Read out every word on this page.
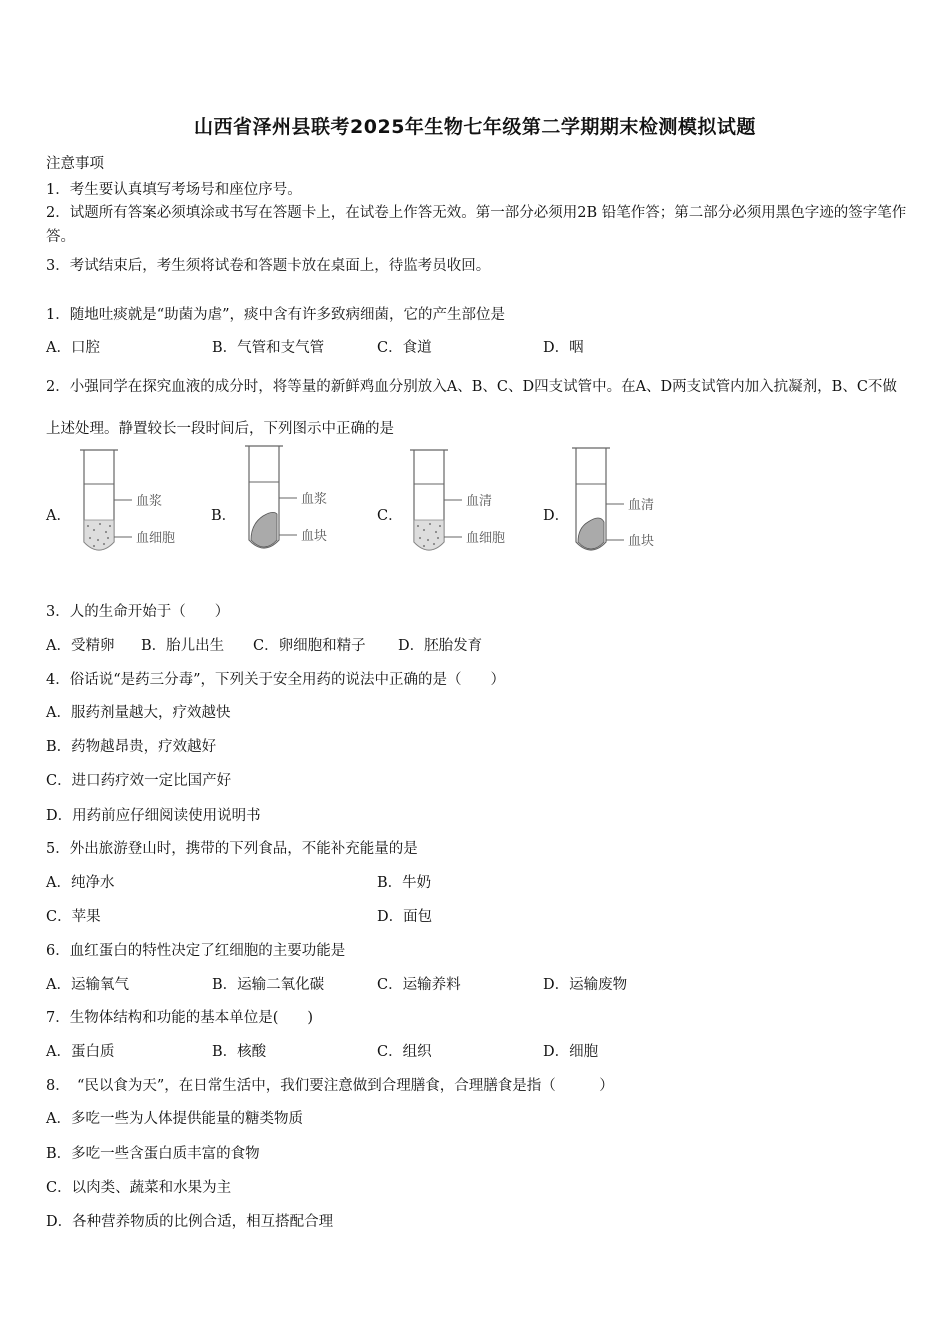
山西省泽州县联考2025年生物七年级第二学期期末检测模拟试题
注意事项
1．考生要认真填写考场号和座位序号。
2．试题所有答案必须填涂或书写在答题卡上，在试卷上作答无效。第一部分必须用2B 铅笔作答；第二部分必须用黑色字迹的签字笔作答。
3．考试结束后，考生须将试卷和答题卡放在桌面上，待监考员收回。
1．随地吐痰就是“助菌为虐”，痰中含有许多致病细菌，它的产生部位是
A．口腔	B．气管和支气管	C．食道	D．咽
2．小强同学在探究血液的成分时，将等量的新鲜鸡血分别放入A、B、C、D四支试管中。在A、D两支试管内加入抗凝剂，B、C不做上述处理。静置较长一段时间后，下列图示中正确的是
A．
血浆
血细胞
B．
血浆
血块
C．
血清
血细胞
D．
血清
血块
3．人的生命开始于（　　）
A．受精卵 B．胎儿出生 C．卵细胞和精子 D．胚胎发育
4．俗话说“是药三分毒”，下列关于安全用药的说法中正确的是（　　）
A．服药剂量越大，疗效越快
B．药物越昂贵，疗效越好
C．进口药疗效一定比国产好
D．用药前应仔细阅读使用说明书
5．外出旅游登山时，携带的下列食品，不能补充能量的是
A．纯净水	B．牛奶
C．苹果	D．面包
6．血红蛋白的特性决定了红细胞的主要功能是
A．运输氧气	B．运输二氧化碳	C．运输养料	D．运输废物
7．生物体结构和功能的基本单位是(　　)
A．蛋白质	B．核酸	C．组织	D．细胞
8．　“民以食为天”，在日常生活中，我们要注意做到合理膳食，合理膳食是指（　　　）
A．多吃一些为人体提供能量的糖类物质
B．多吃一些含蛋白质丰富的食物
C．以肉类、蔬菜和水果为主
D．各种营养物质的比例合适，相互搭配合理
